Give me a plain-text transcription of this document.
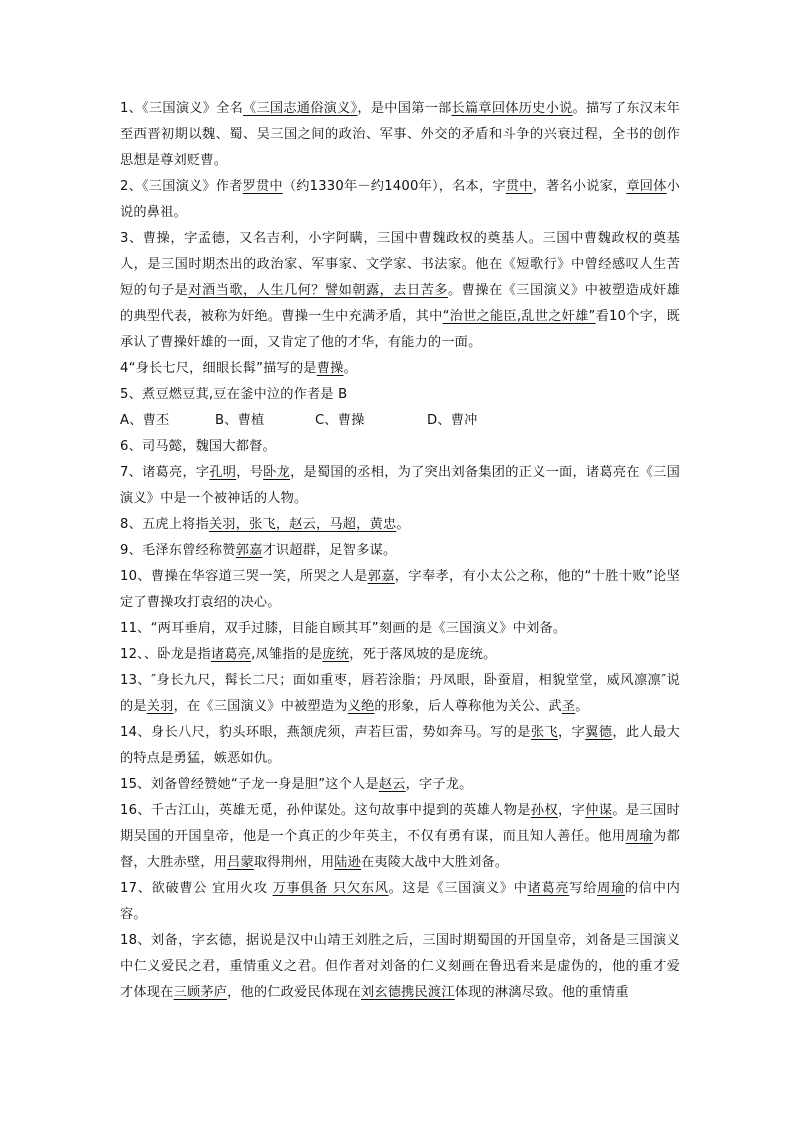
1、《三国演义》全名《三国志通俗演义》，是中国第一部长篇章回体历史小说。描写了东汉末年至西晋初期以魏、蜀、吴三国之间的政治、军事、外交的矛盾和斗争的兴衰过程，全书的创作思想是尊刘贬曹。

2、《三国演义》作者罗贯中（约1330年－约1400年），名本，字贯中，著名小说家，章回体小说的鼻祖。

3、曹操，字孟德，又名吉利，小字阿瞒，三国中曹魏政权的奠基人。三国中曹魏政权的奠基人，是三国时期杰出的政治家、军事家、文学家、书法家。他在《短歌行》中曾经感叹人生苦短的句子是对酒当歌，人生几何？譬如朝露，去日苦多。曹操在《三国演义》中被塑造成奸雄的典型代表，被称为奸绝。曹操一生中充满矛盾，其中“治世之能臣,乱世之奸雄”看10个字，既承认了曹操奸雄的一面，又肯定了他的才华，有能力的一面。

4“身长七尺，细眼长髯”描写的是曹操。

5、煮豆燃豆萁,豆在釜中泣的作者是 B

A、曹丕	B、曹植	C、曹操	D、曹冲

6、司马懿，魏国大都督。

7、诸葛亮，字孔明，号卧龙，是蜀国的丞相，为了突出刘备集团的正义一面，诸葛亮在《三国演义》中是一个被神话的人物。

8、五虎上将指关羽，张飞，赵云，马超，黄忠。

9、毛泽东曾经称赞郭嘉才识超群，足智多谋。

10、曹操在华容道三哭一笑，所哭之人是郭嘉，字奉孝，有小太公之称，他的“十胜十败”论坚定了曹操攻打袁绍的决心。

11、“两耳垂肩，双手过膝，目能自顾其耳”刻画的是《三国演义》中刘备。

12、、卧龙是指诸葛亮,凤雏指的是庞统，死于落凤坡的是庞统。

13、″身长九尺，髯长二尺；面如重枣，唇若涂脂；丹凤眼，卧蚕眉，相貌堂堂，威风凛凛″说的是关羽，在《三国演义》中被塑造为义绝的形象，后人尊称他为关公、武圣。

14、身长八尺，豹头环眼，燕颔虎须，声若巨雷，势如奔马。写的是张飞，字翼德，此人最大的特点是勇猛，嫉恶如仇。

15、刘备曾经赞她“子龙一身是胆”这个人是赵云，字子龙。

16、千古江山，英雄无觅，孙仲谋处。这句故事中提到的英雄人物是孙权，字仲谋。是三国时期吴国的开国皇帝，他是一个真正的少年英主，不仅有勇有谋，而且知人善任。他用周瑜为都督，大胜赤壁，用吕蒙取得荆州，用陆逊在夷陵大战中大胜刘备。

17、欲破曹公 宜用火攻 万事俱备 只欠东风。这是《三国演义》中诸葛亮写给周瑜的信中内容。

18、刘备，字玄德，据说是汉中山靖王刘胜之后，三国时期蜀国的开国皇帝，刘备是三国演义中仁义爱民之君，重情重义之君。但作者对刘备的仁义刻画在鲁迅看来是虚伪的，他的重才爱才体现在三顾茅庐，他的仁政爱民体现在刘玄德携民渡江体现的淋漓尽致。他的重情重
